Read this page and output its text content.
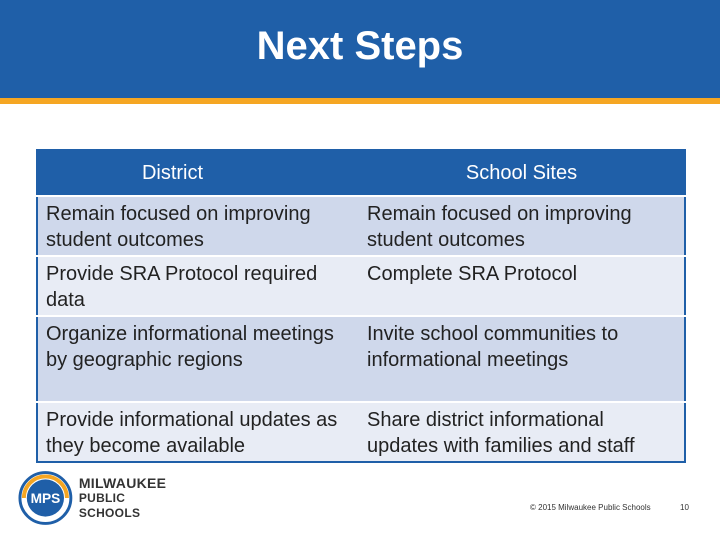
Next Steps
District	School Sites
Remain focused on improving student outcomes	Remain focused on improving student outcomes
Provide SRA Protocol required data	Complete SRA Protocol
Organize informational meetings by geographic regions	Invite school communities to informational meetings
Provide informational updates as they become available	Share district informational updates with families and staff
MPS
MILWAUKEE
PUBLIC SCHOOLS	© 2015 Milwaukee Public Schools	10
